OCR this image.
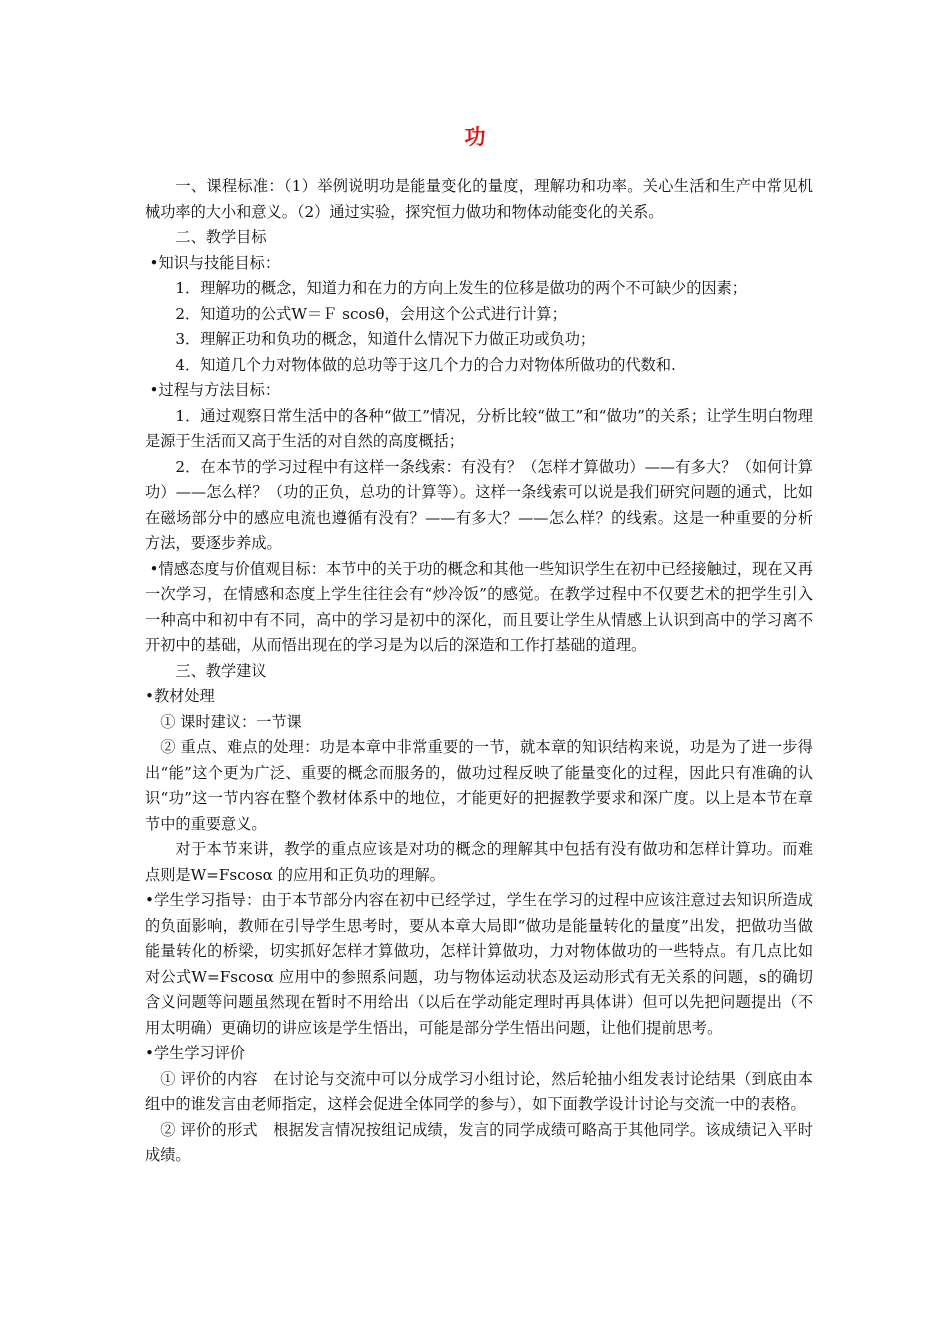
功

一、课程标准：（1）举例说明功是能量变化的量度，理解功和功率。关心生活和生产中常见机械功率的大小和意义。（2）通过实验，探究恒力做功和物体动能变化的关系。

二、教学目标

•知识与技能目标：

1．理解功的概念，知道力和在力的方向上发生的位移是做功的两个不可缺少的因素；

2．知道功的公式W＝Ｆ scosθ，会用这个公式进行计算；

3．理解正功和负功的概念，知道什么情况下力做正功或负功；

4．知道几个力对物体做的总功等于这几个力的合力对物体所做功的代数和.

•过程与方法目标：

1．通过观察日常生活中的各种“做工”情况，分析比较“做工”和“做功”的关系；让学生明白物理是源于生活而又高于生活的对自然的高度概括；

2．在本节的学习过程中有这样一条线索：有没有？（怎样才算做功）——有多大？（如何计算功）——怎么样？（功的正负，总功的计算等）。这样一条线索可以说是我们研究问题的通式，比如在磁场部分中的感应电流也遵循有没有？——有多大？——怎么样？的线索。这是一种重要的分析方法，要逐步养成。

•情感态度与价值观目标：本节中的关于功的概念和其他一些知识学生在初中已经接触过，现在又再一次学习，在情感和态度上学生往往会有“炒冷饭”的感觉。在教学过程中不仅要艺术的把学生引入一种高中和初中有不同，高中的学习是初中的深化，而且要让学生从情感上认识到高中的学习离不开初中的基础，从而悟出现在的学习是为以后的深造和工作打基础的道理。

三、教学建议

•教材处理

① 课时建议：一节课

② 重点、难点的处理：功是本章中非常重要的一节，就本章的知识结构来说，功是为了进一步得出“能”这个更为广泛、重要的概念而服务的，做功过程反映了能量变化的过程，因此只有准确的认识“功”这一节内容在整个教材体系中的地位，才能更好的把握教学要求和深广度。以上是本节在章节中的重要意义。

对于本节来讲，教学的重点应该是对功的概念的理解其中包括有没有做功和怎样计算功。而难点则是W=Fscosα 的应用和正负功的理解。

•学生学习指导：由于本节部分内容在初中已经学过，学生在学习的过程中应该注意过去知识所造成的负面影响，教师在引导学生思考时，要从本章大局即“做功是能量转化的量度”出发，把做功当做能量转化的桥梁，切实抓好怎样才算做功，怎样计算做功，力对物体做功的一些特点。有几点比如对公式W=Fscosα 应用中的参照系问题，功与物体运动状态及运动形式有无关系的问题，s的确切含义问题等问题虽然现在暂时不用给出（以后在学动能定理时再具体讲）但可以先把问题提出（不用太明确）更确切的讲应该是学生悟出，可能是部分学生悟出问题，让他们提前思考。

•学生学习评价

① 评价的内容　在讨论与交流中可以分成学习小组讨论，然后轮抽小组发表讨论结果（到底由本组中的谁发言由老师指定，这样会促进全体同学的参与），如下面教学设计讨论与交流一中的表格。

② 评价的形式　根据发言情况按组记成绩，发言的同学成绩可略高于其他同学。该成绩记入平时成绩。
